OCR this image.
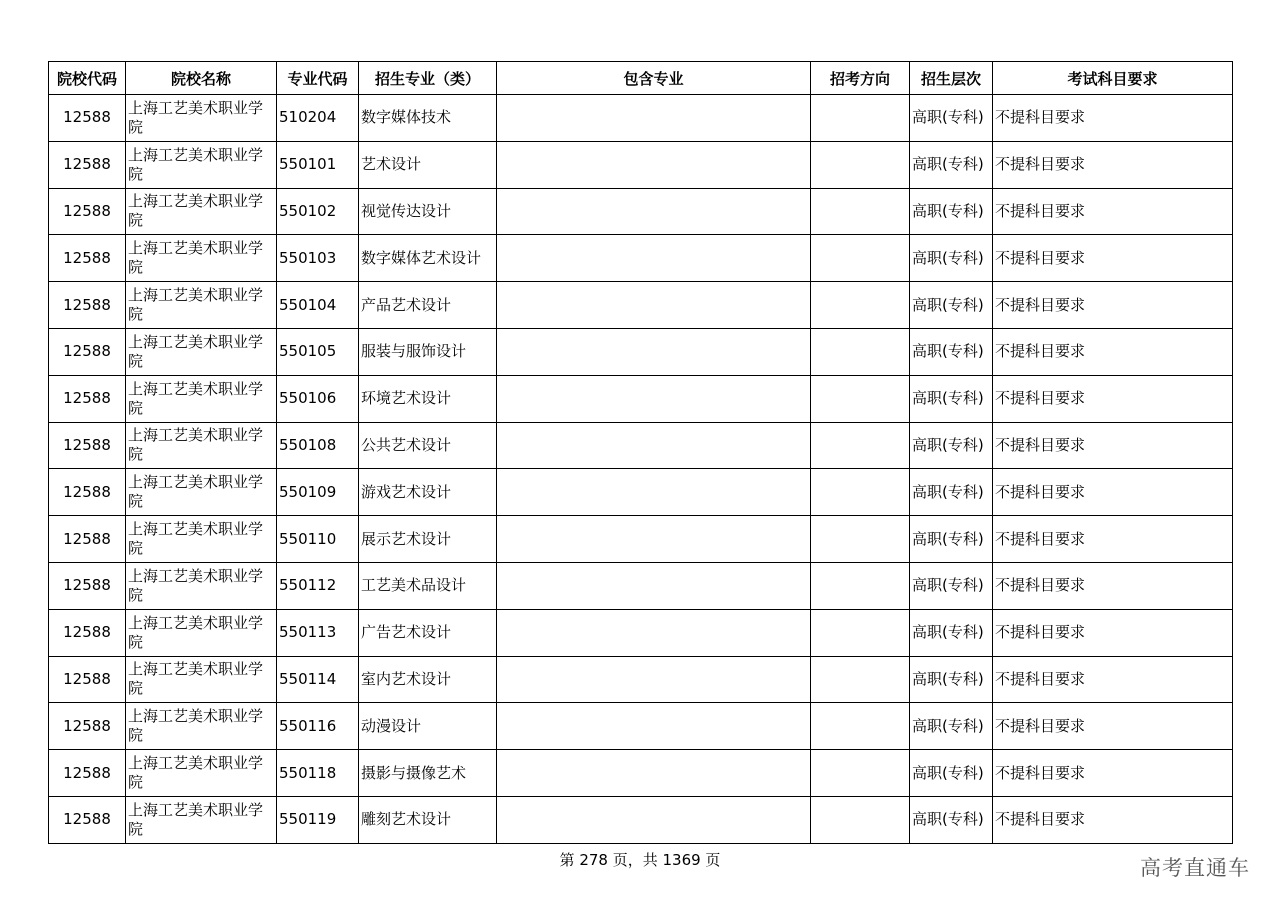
院校代码	院校名称	专业代码	招生专业（类）	包含专业	招考方向	招生层次	考试科目要求
12588	上海工艺美术职业学院	510204	数字媒体技术			高职(专科)	不提科目要求
12588	上海工艺美术职业学院	550101	艺术设计			高职(专科)	不提科目要求
12588	上海工艺美术职业学院	550102	视觉传达设计			高职(专科)	不提科目要求
12588	上海工艺美术职业学院	550103	数字媒体艺术设计			高职(专科)	不提科目要求
12588	上海工艺美术职业学院	550104	产品艺术设计			高职(专科)	不提科目要求
12588	上海工艺美术职业学院	550105	服装与服饰设计			高职(专科)	不提科目要求
12588	上海工艺美术职业学院	550106	环境艺术设计			高职(专科)	不提科目要求
12588	上海工艺美术职业学院	550108	公共艺术设计			高职(专科)	不提科目要求
12588	上海工艺美术职业学院	550109	游戏艺术设计			高职(专科)	不提科目要求
12588	上海工艺美术职业学院	550110	展示艺术设计			高职(专科)	不提科目要求
12588	上海工艺美术职业学院	550112	工艺美术品设计			高职(专科)	不提科目要求
12588	上海工艺美术职业学院	550113	广告艺术设计			高职(专科)	不提科目要求
12588	上海工艺美术职业学院	550114	室内艺术设计			高职(专科)	不提科目要求
12588	上海工艺美术职业学院	550116	动漫设计			高职(专科)	不提科目要求
12588	上海工艺美术职业学院	550118	摄影与摄像艺术			高职(专科)	不提科目要求
12588	上海工艺美术职业学院	550119	雕刻艺术设计			高职(专科)	不提科目要求
第 278 页，共 1369 页	高考直通车
